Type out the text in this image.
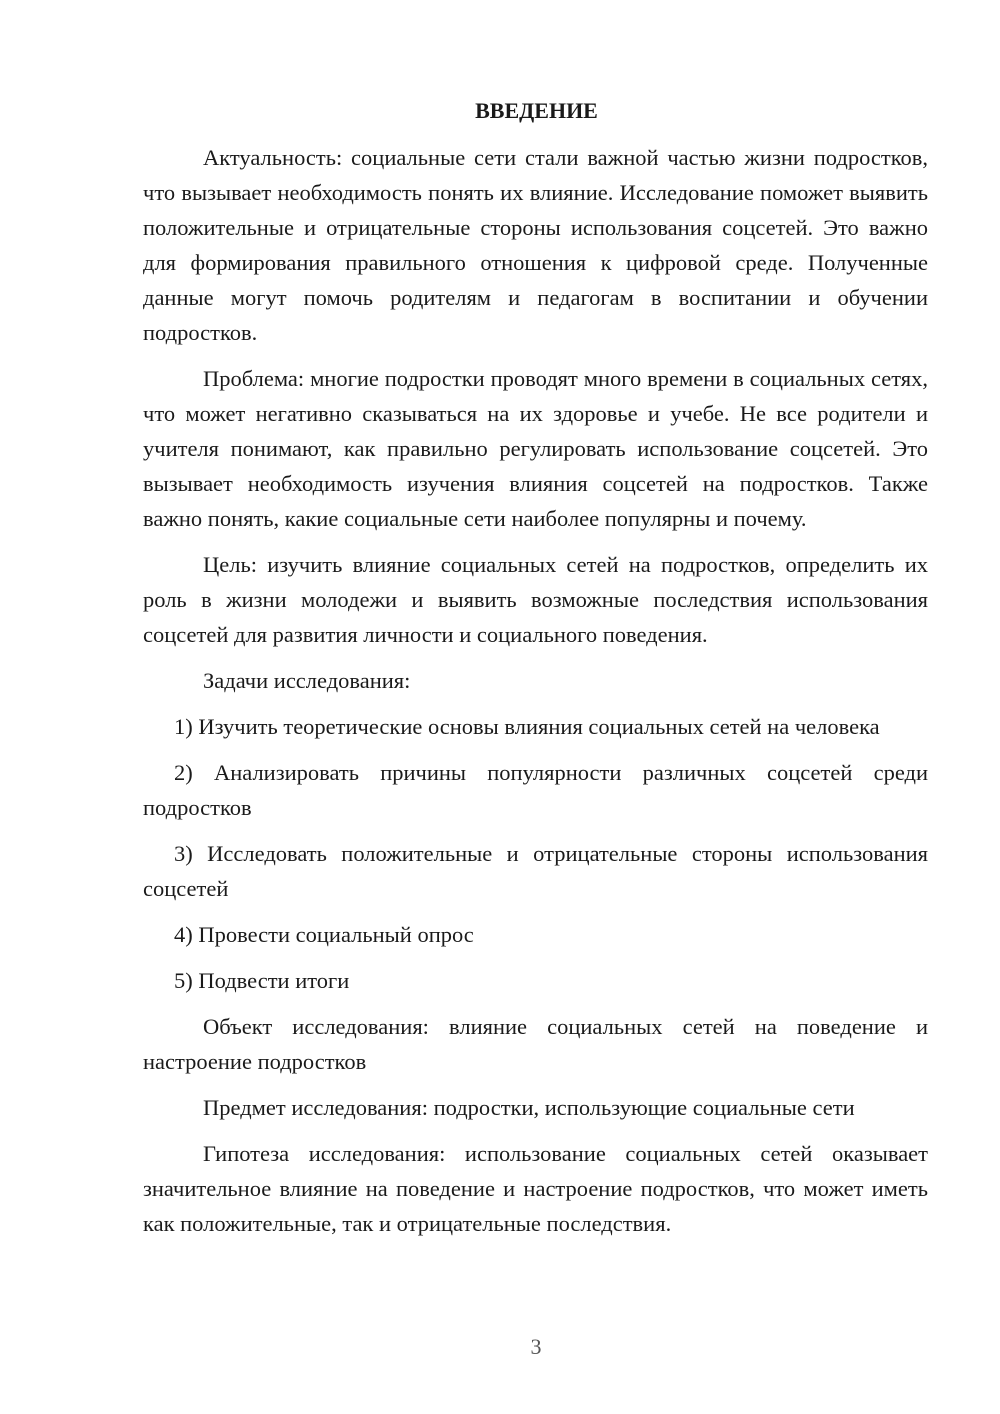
ВВЕДЕНИЕ

Актуальность: социальные сети стали важной частью жизни подростков, что вызывает необходимость понять их влияние. Исследование поможет выявить положительные и отрицательные стороны использования соцсетей. Это важно для формирования правильного отношения к цифровой среде. Полученные данные могут помочь родителям и педагогам в воспитании и обучении подростков.

Проблема: многие подростки проводят много времени в социальных сетях, что может негативно сказываться на их здоровье и учебе. Не все родители и учителя понимают, как правильно регулировать использование соцсетей. Это вызывает необходимость изучения влияния соцсетей на подростков. Также важно понять, какие социальные сети наиболее популярны и почему.

Цель: изучить влияние социальных сетей на подростков, определить их роль в жизни молодежи и выявить возможные последствия использования соцсетей для развития личности и социального поведения.

Задачи исследования:

1) Изучить теоретические основы влияния социальных сетей на человека

2) Анализировать причины популярности различных соцсетей среди подростков

3) Исследовать положительные и отрицательные стороны использования соцсетей

4) Провести социальный опрос

5) Подвести итоги

Объект исследования: влияние социальных сетей на поведение и настроение подростков

Предмет исследования: подростки, использующие социальные сети

Гипотеза исследования: использование социальных сетей оказывает значительное влияние на поведение и настроение подростков, что может иметь как положительные, так и отрицательные последствия.

3
